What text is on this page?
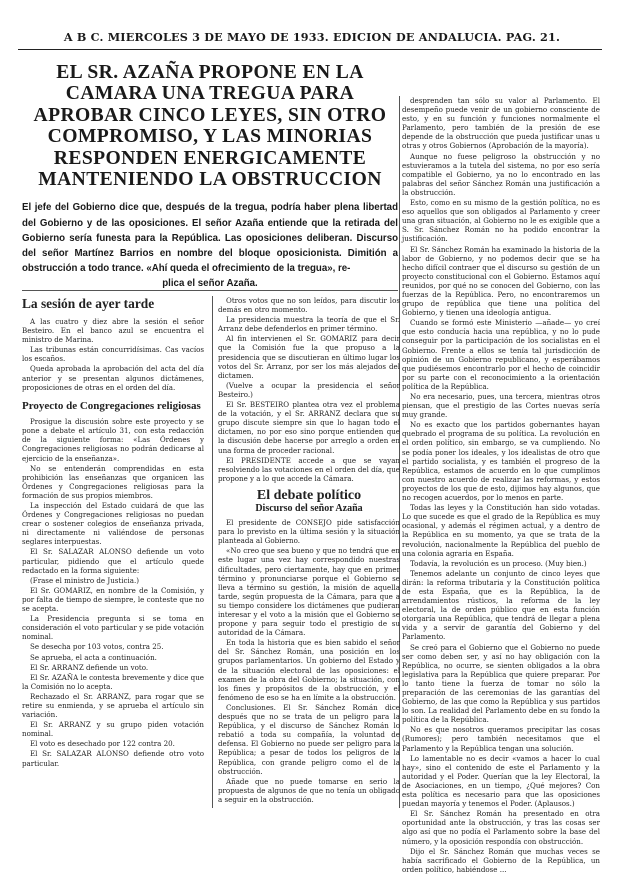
A B C. MIERCOLES 3 DE MAYO DE 1933. EDICION DE ANDALUCIA. PAG. 21.
EL SR. AZAÑA PROPONE EN LA CAMARA UNA TREGUA PARA APROBAR CINCO LEYES, SIN OTRO COMPROMISO, Y LAS MINORIAS RESPONDEN ENERGICAMENTE MANTENIENDO LA OBSTRUCCION

El jefe del Gobierno dice que, después de la tregua, podría haber plena libertad del Gobierno y de las oposiciones. El señor Azaña entiende que la retirada del Gobierno sería funesta para la República. Las oposiciones deliberan. Discurso del señor Martínez Barrios en nombre del bloque oposicionista. Dimitión a obstrucción a todo trance. «Ahí queda el ofrecimiento de la tregua», re-
plica el señor Azaña.

La sesión de ayer tarde

A las cuatro y diez abre la sesión el señor Besteiro. En el banco azul se encuentra el ministro de Marina.

Las tribunas están concurridísimas. Cas vacíos los escaños.

Queda aprobada la aprobación del acta del día anterior y se presentan algunos dictámenes, proposiciones de otras en el orden del día.

Proyecto de Congregaciones religiosas

Prosigue la discusión sobre este proyecto y se pone a debate el artículo 31, con esta redacción de la siguiente forma: «Las Órdenes y Congregaciones religiosas no podrán dedicarse al ejercicio de la enseñanza».

No se entenderán comprendidas en esta prohibición las enseñanzas que organicen las Órdenes y Congregaciones religiosas para la formación de sus propios miembros.

La inspección del Estado cuidará de que las Órdenes y Congregaciones religiosas no puedan crear o sostener colegios de enseñanza privada, ni directamente ni valiéndose de personas seglares interpuestas.

El Sr. SALAZAR ALONSO defiende un voto particular, pidiendo que el artículo quede redactado en la forma siguiente:

(Frase el ministro de Justicia.)

El Sr. GOMARIZ, en nombre de la Comisión, y por falta de tiempo de siempre, le conteste que no se acepta.

La Presidencia pregunta si se toma en consideración el voto particular y se pide votación nominal.

Se desecha por 103 votos, contra 25.

Se aprueba, el acta a continuación.

El Sr. ARRANZ defiende un voto.

El Sr. AZAÑA le contesta brevemente y dice que la Comisión no lo acepta.

Rechazado el Sr. ARRANZ, para rogar que se retire su enmienda, y se aprueba el artículo sin variación.

El Sr. ARRANZ y su grupo piden votación nominal.

El voto es desechado por 122 contra 20.

El Sr. SALAZAR ALONSO defiende otro voto particular.

Otros votos que no son leídos, para discutir los demás en otro momento.

La presidencia muestra la teoría de que el Sr. Arranz debe defenderlos en primer término.

Al fin intervienen el Sr. GOMARIZ para decir que la Comisión fue la que propuso a la presidencia que se discutieran en último lugar los votos del Sr. Arranz, por ser los más alejados del dictamen.

(Vuelve a ocupar la presidencia el señor Besteiro.)

El Sr. BESTEIRO plantea otra vez el problema de la votación, y el Sr. ARRANZ declara que su grupo discute siempre sin que lo hagan todo el dictamen, no por eso sino porque entienden que la discusión debe hacerse por arreglo a orden en una forma de proceder racional.

El PRESIDENTE accede a que se vayan resolviendo las votaciones en el orden del día, que propone y a lo que accede la Cámara.

El debate político
Discurso del señor Azaña

El presidente de CONSEJO pide satisfacción para lo previsto en la última sesión y la situación planteada al Gobierno.

«No creo que sea bueno y que no tendrá que en este lugar una vez hay correspondido nuestras dificultades, pero ciertamente, hay que en primer término y pronunciarse porque el Gobierno se lleva a término su gestión, la misión de aquella tarde, según propuesta de la Cámara, para que a su tiempo considere los dictámenes que pudieran interesar y el voto a la misión que el Gobierno se propone y para seguir todo el prestigio de su autoridad de la Cámara.

En toda la historia que es bien sabido el señor del Sr. Sánchez Román, una posición en los grupos parlamentarios. Un gobierno del Estado y de la situación electoral de las oposiciones: el examen de la obra del Gobierno; la situación, con los fines y propósitos de la obstrucción, y el fenómeno de eso se ha en límite a la obstrucción.

Conclusiones. El Sr. Sánchez Román dice después que no se trata de un peligro para la República, y el discurso de Sánchez Román lo rebatió a toda su compañía, la voluntad de defensa. El Gobierno no puede ser peligro para la República; a pesar de todos los peligros de la República, con grande peligro como el de la obstrucción.

Añade que no puede tomarse en serio la propuesta de algunos de que no tenía un obligado a seguir en la obstrucción.

desprenden tan sólo su valor al Parlamento. El desempeño puede venir de un gobierno consciente de esto, y en su función y funciones normalmente el Parlamento, pero también de la presión de ese depende de la obstrucción que pueda justificar unas u otras y otros Gobiernos (Aprobación de la mayoría).

Aunque no fuese peligroso la obstrucción y no estuvieramos a la tutela del sistema, no por eso sería compatible el Gobierno, ya no lo encontrado en las palabras del señor Sánchez Román una justificación a la obstrucción.

Esto, como en su mismo de la gestión política, no es eso aquellos que son obligados al Parlamento y creer una gran situación, al Gobierno no le es exigible que a S. Sr. Sánchez Román no ha podido encontrar la justificación.

El Sr. Sánchez Román ha examinado la historia de la labor de Gobierno, y no podemos decir que se ha hecho difícil contraer que el discurso su gestión de un proyecto constitucional con el Gobierno. Estamos aquí reunidos, por qué no se conocen del Gobierno, con las fuerzas de la República. Pero, no encontraremos un grupo de república que tiene una política del Gobierno, y tienen una ideología antigua.

Cuando se formó este Ministerio —añade— yo creí que esto conducía hacia una república, y no lo pude conseguir por la participación de los socialistas en el Gobierno. Frente a ellos se tenía tal jurisdicción de opinión de un Gobierno republicano, y esperábamos que pudiésemos encontrarlo por el hecho de coincidir por su parte con el reconocimiento a la orientación política de la República.

No era necesario, pues, una tercera, mientras otros piensan, que el prestigio de las Cortes nuevas sería muy grande.

No es exacto que los partidos gobernantes hayan quebrado el programa de su política. La revolución en el orden político, sin embargo, se va cumpliendo. No se podía poner los ideales, y los idealistas de otro que el partido socialista, y es también el progreso de la República, estamos de acuerdo en lo que cumplimos con nuestro acuerdo de realizar las reformas, y estos proyectos de los que de esto, dijimos hay algunos, que no recogen acuerdos, por lo menos en parte.

Todas las leyes y la Constitución han sido votadas. Lo que sucede es que el grado de la República es muy ocasional, y además el régimen actual, y a dentro de la República en su momento, ya que se trata de la revolución, nacionalmente la República del pueblo de una colonia agraria en España.

Todavía, la revolución es un proceso. (Muy bien.)

Tenemos adelante un conjunto de cinco leyes que dirán: la reforma tributaria y la Constitución política de esta España, que es la República, la de arrendamientos rústicos, la reforma de la ley electoral, la de orden público que en esta función otorgaría una República, que tendrá de llegar a plena vida y a servir de garantía del Gobierno y del Parlamento.

Se creó para el Gobierno que el Gobierno no puede ser como deben ser, y así no hay obligación con la República, no ocurre, se sienten obligados a la obra legislativa para la República que quiere preparar. Por lo tanto tiene la fuerza de tomar no sólo la preparación de las ceremonias de las garantías del Gobierno, de las que como la República y sus partidos lo son. La realidad del Parlamento debe en su fondo la política de la República.

No es que nosotros queramos precipitar las cosas (Rumores); pero también necesitamos que el Parlamento y la República tengan una solución.

Lo lamentable no es decir «vamos a hacer lo cual hay», sino el contenido de este el Parlamento y la autoridad y el Poder. Querían que la ley Electoral, la de Asociaciones, en un tiempo, ¿Qué mejores? Con esta política es necesario para que las oposiciones puedan mayoría y tenemos el Poder. (Aplausos.)

El Sr. Sánchez Román ha presentado en otra oportunidad ante la obstrucción, y tras las cosas ser algo así que no podía el Parlamento sobre la base del número, y la oposición respondía con obstrucción.

Dijo el Sr. Sánchez Román que muchas veces se había sacrificado el Gobierno de la República, un orden político, habiéndose ...
